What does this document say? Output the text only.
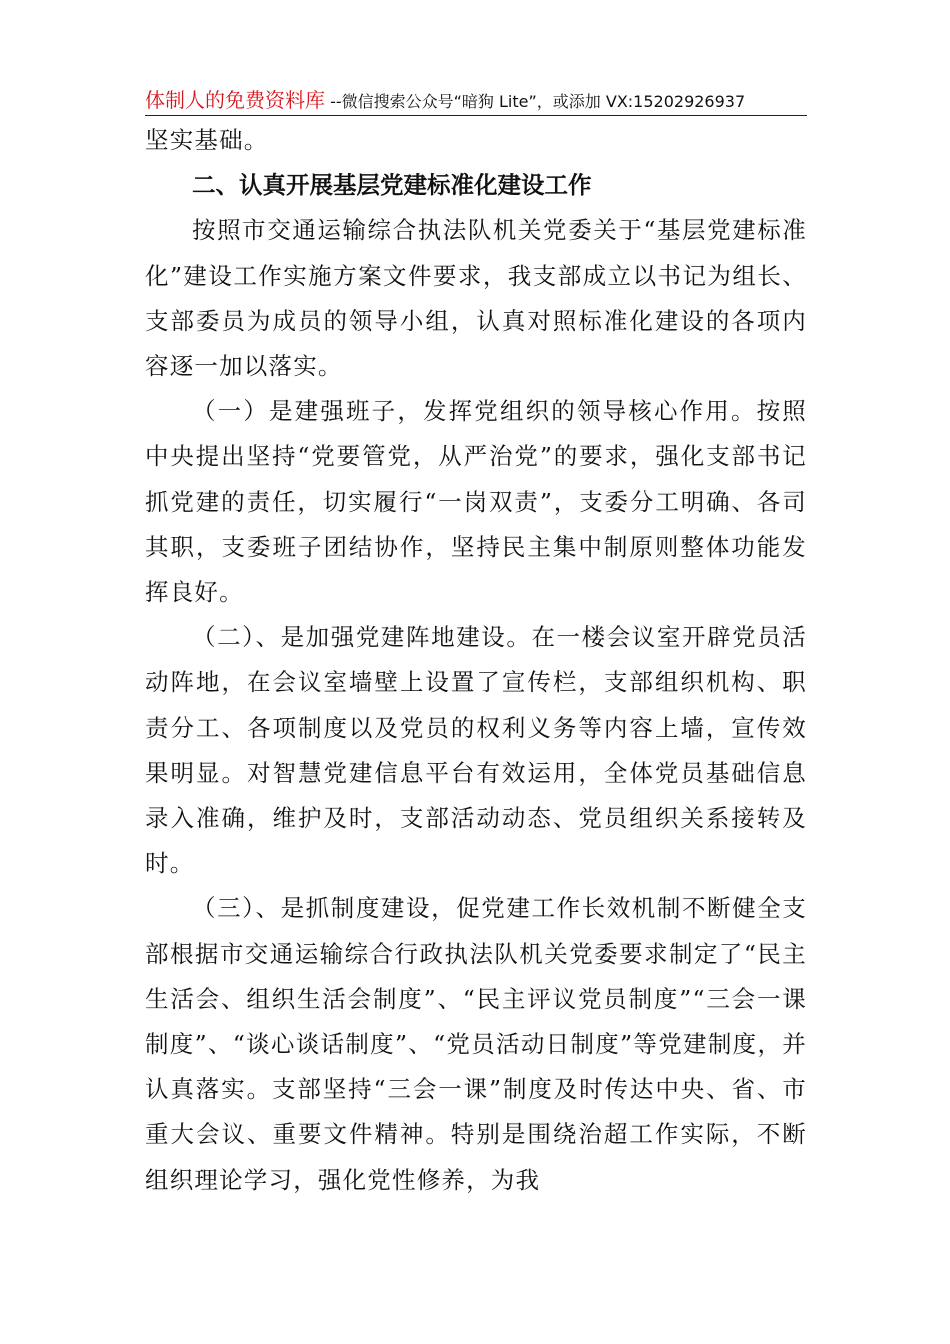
体制人的免费资料库 --微信搜索公众号“暗狗 Lite”，或添加 VX:15202926937

坚实基础。

二、认真开展基层党建标准化建设工作

按照市交通运输综合执法队机关党委关于“基层党建标准化”建设工作实施方案文件要求，我支部成立以书记为组长、支部委员为成员的领导小组，认真对照标准化建设的各项内容逐一加以落实。

（一）是建强班子，发挥党组织的领导核心作用。按照中央提出坚持“党要管党，从严治党”的要求，强化支部书记抓党建的责任，切实履行“一岗双责”，支委分工明确、各司其职，支委班子团结协作，坚持民主集中制原则整体功能发挥良好。

（二）、是加强党建阵地建设。在一楼会议室开辟党员活动阵地，在会议室墙壁上设置了宣传栏，支部组织机构、职责分工、各项制度以及党员的权利义务等内容上墙，宣传效果明显。对智慧党建信息平台有效运用，全体党员基础信息录入准确，维护及时，支部活动动态、党员组织关系接转及时。

（三）、是抓制度建设，促党建工作长效机制不断健全支部根据市交通运输综合行政执法队机关党委要求制定了“民主生活会、组织生活会制度”、“民主评议党员制度”“三会一课制度”、“谈心谈话制度”、“党员活动日制度”等党建制度，并认真落实。支部坚持“三会一课”制度及时传达中央、省、市重大会议、重要文件精神。特别是围绕治超工作实际，不断组织理论学习，强化党性修养，为我
